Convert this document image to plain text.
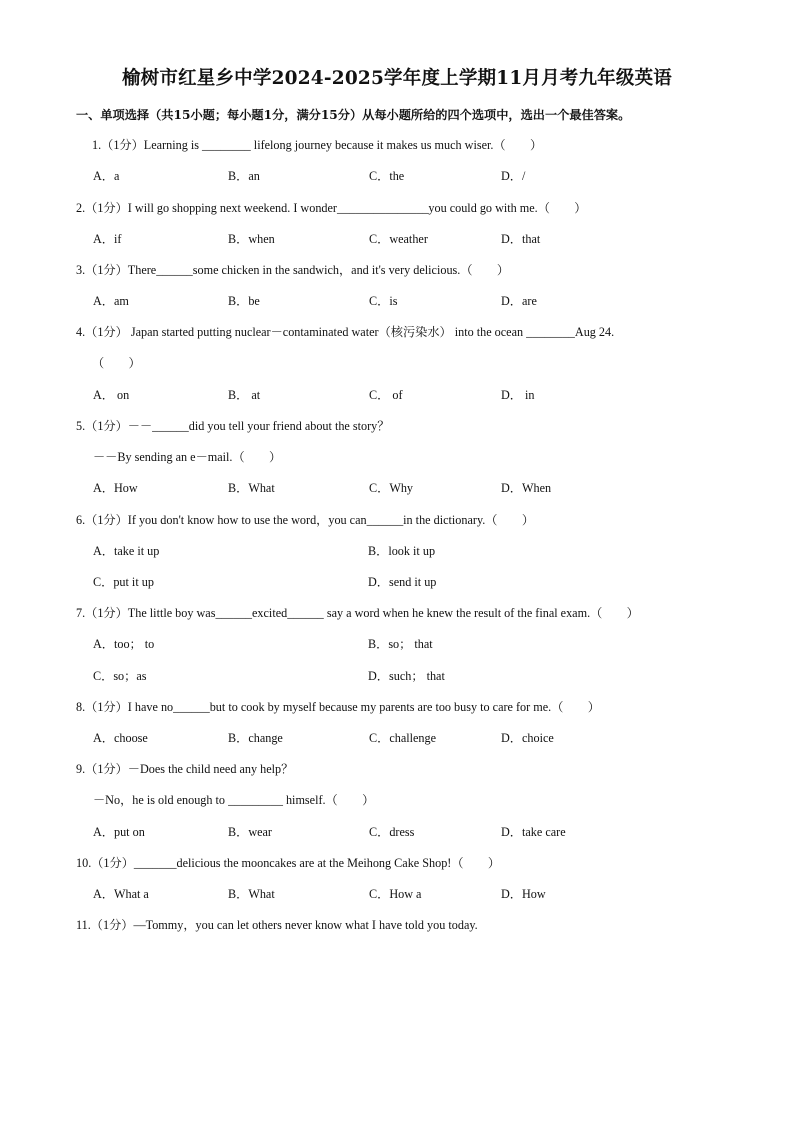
榆树市红星乡中学2024-2025学年度上学期11月月考九年级英语
一、单项选择（共15小题；每小题1分，满分15分）从每小题所给的四个选项中，选出一个最佳答案。
1.（1分）Learning is ________ lifelong journey because it makes us much wiser.（　　）
A．a	B．an	C．the	D．/
2.（1分）I will go shopping next weekend. I wonder_______________you could go with me.（　　）
A．if	B．when	C．weather	D．that
3.（1分）There______some chicken in the sandwich，and it's very delicious.（　　）
A．am	B．be	C．is	D．are
4.（1分） Japan started putting nuclear－contaminated water（核污染水） into the ocean ________Aug 24.
（　　）
A． on	B． at	C． of	D． in
5.（1分）－－______did you tell your friend about the story？
－－By sending an e－mail.（　　）
A．How	B．What	C．Why	D．When
6.（1分）If you don't know how to use the word，you can______in the dictionary.（　　）
A．take it up	B．look it up
C．put it up	D．send it up
7.（1分）The little boy was______excited______ say a word when he knew the result of the final exam.（　　）
A．too； to	B．so； that
C．so；as	D．such； that
8.（1分）I have no______but to cook by myself because my parents are too busy to care for me.（　　）
A．choose	B．change	C．challenge	D．choice
9.（1分）－Does the child need any help？
－No，he is old enough to _________ himself.（　　）
A．put on	B．wear	C．dress	D．take care
10.（1分）_______delicious the mooncakes are at the Meihong Cake Shop!（　　）
A．What a	B．What	C．How a	D．How
11.（1分）—Tommy，you can let others never know what I have told you today.
